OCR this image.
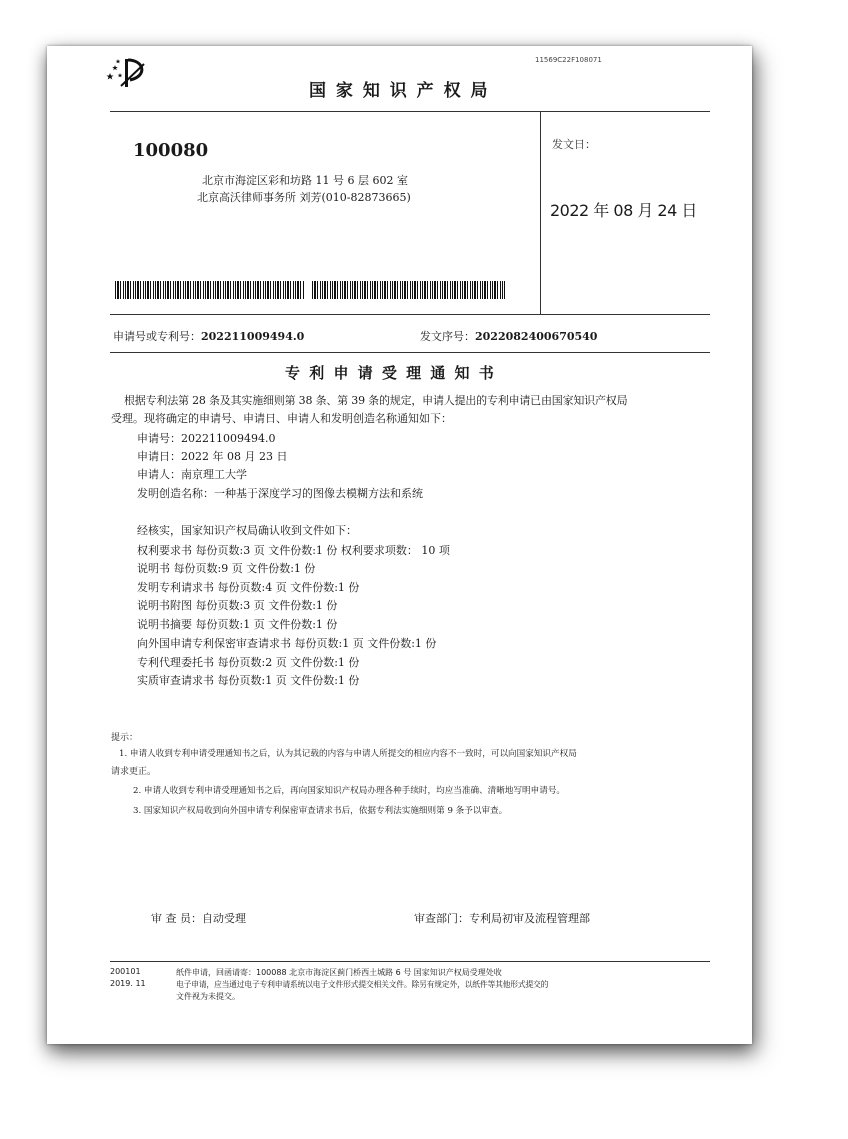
11569C22F108071
国 家 知 识 产 权 局
100080
北京市海淀区彩和坊路 11 号 6 层 602 室
北京高沃律师事务所 刘芳(010-82873665)
发文日：
2022 年 08 月 24 日
申请号或专利号：202211009494.0	发文序号：2022082400670540
专 利 申 请 受 理 通 知 书
根据专利法第 28 条及其实施细则第 38 条、第 39 条的规定，申请人提出的专利申请已由国家知识产权局
受理。现将确定的申请号、申请日、申请人和发明创造名称通知如下：
申请号：202211009494.0
申请日：2022 年 08 月 23 日
申请人：南京理工大学
发明创造名称：一种基于深度学习的图像去模糊方法和系统
经核实，国家知识产权局确认收到文件如下：
权利要求书 每份页数:3 页 文件份数:1 份 权利要求项数： 10 项
说明书 每份页数:9 页 文件份数:1 份
发明专利请求书 每份页数:4 页 文件份数:1 份
说明书附图 每份页数:3 页 文件份数:1 份
说明书摘要 每份页数:1 页 文件份数:1 份
向外国申请专利保密审查请求书 每份页数:1 页 文件份数:1 份
专利代理委托书 每份页数:2 页 文件份数:1 份
实质审查请求书 每份页数:1 页 文件份数:1 份
提示：
1. 申请人收到专利申请受理通知书之后，认为其记载的内容与申请人所提交的相应内容不一致时，可以向国家知识产权局
请求更正。
2. 申请人收到专利申请受理通知书之后，再向国家知识产权局办理各种手续时，均应当准确、清晰地写明申请号。
3. 国家知识产权局收到向外国申请专利保密审查请求书后，依据专利法实施细则第 9 条予以审查。
审 查 员：自动受理	审查部门：专利局初审及流程管理部
200101
2019. 11
纸件申请，回函请寄：100088 北京市海淀区蓟门桥西土城路 6 号 国家知识产权局受理处收
电子申请，应当通过电子专利申请系统以电子文件形式提交相关文件。除另有规定外，以纸件等其他形式提交的
文件视为未提交。
